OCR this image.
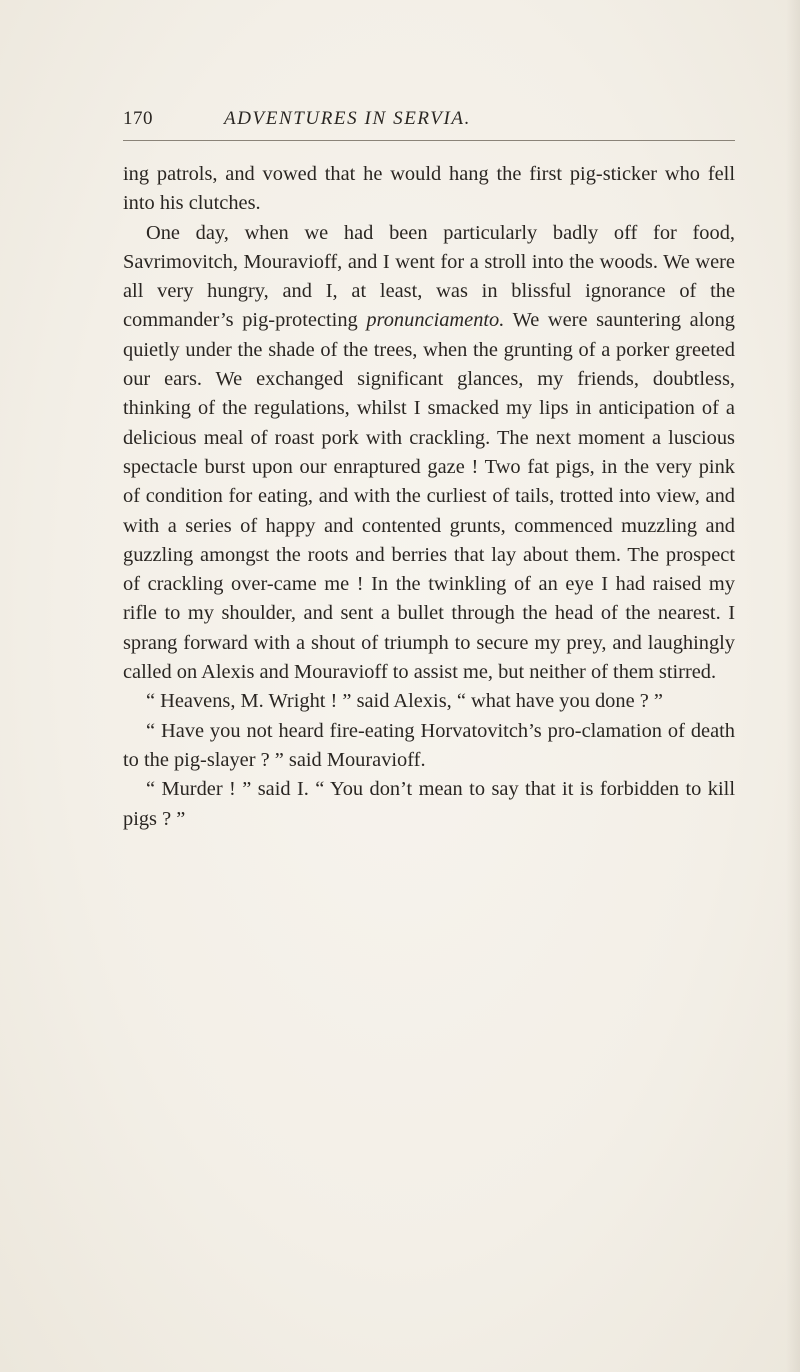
170	ADVENTURES IN SERVIA.

ing patrols, and vowed that he would hang the first pig-sticker who fell into his clutches.

One day, when we had been particularly badly off for food, Savrimovitch, Mouravioff, and I went for a stroll into the woods. We were all very hungry, and I, at least, was in blissful ignorance of the commander’s pig-protecting pronunciamento. We were sauntering along quietly under the shade of the trees, when the grunting of a porker greeted our ears. We exchanged significant glances, my friends, doubtless, thinking of the regulations, whilst I smacked my lips in anticipation of a delicious meal of roast pork with crackling. The next moment a luscious spectacle burst upon our enraptured gaze ! Two fat pigs, in the very pink of condition for eating, and with the curliest of tails, trotted into view, and with a series of happy and contented grunts, commenced muzzling and guzzling amongst the roots and berries that lay about them. The prospect of crackling over-came me ! In the twinkling of an eye I had raised my rifle to my shoulder, and sent a bullet through the head of the nearest. I sprang forward with a shout of triumph to secure my prey, and laughingly called on Alexis and Mouravioff to assist me, but neither of them stirred.

“ Heavens, M. Wright ! ” said Alexis, “ what have you done ? ”

“ Have you not heard fire-eating Horvatovitch’s pro-clamation of death to the pig-slayer ? ” said Mouravioff.

“ Murder ! ” said I. “ You don’t mean to say that it is forbidden to kill pigs ? ”
